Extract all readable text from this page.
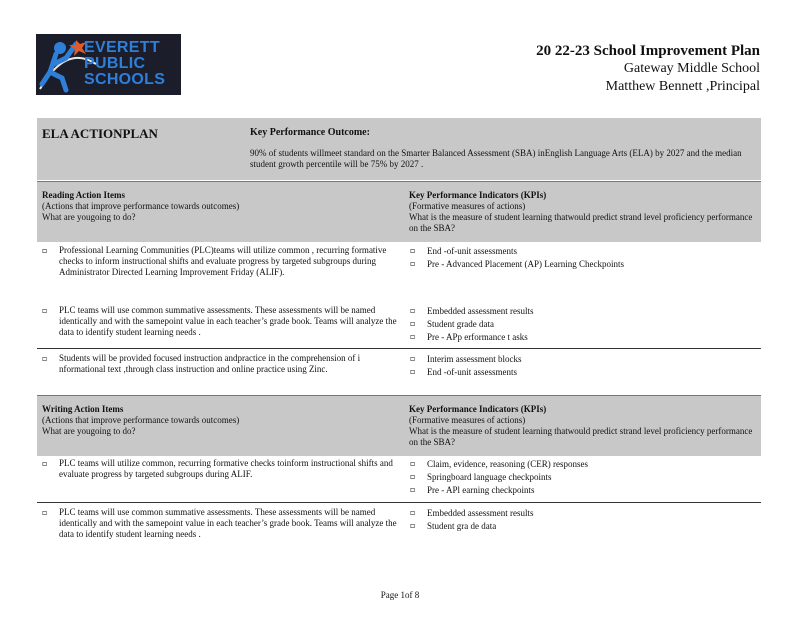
EVERETT
PUBLIC
SCHOOLS
20 22-23 School Improvement Plan
Gateway Middle School
Matthew Bennett ,Principal
ELA ACTIONPLAN	Key Performance Outcome:
90% of students willmeet standard on the Smarter Balanced Assessment (SBA) inEnglish Language Arts (ELA) by 2027 and the median student growth percentile will be 75% by 2027 .
Reading Action Items
(Actions that improve performance towards outcomes)
What are yougoing to do?
Key Performance Indicators (KPIs)
(Formative measures of actions)
What is the measure of student learning thatwould predict strand level proficiency performance on the SBA?
▫ Professional Learning Communities (PLC)teams will utilize common , recurring formative checks to inform instructional shifts and evaluate progress by targeted subgroups during Administrator Directed Learning Improvement Friday (ALIF).
▫ End -of-unit assessments
▫ Pre - Advanced Placement (AP) Learning Checkpoints
▫ PLC teams will use common summative assessments. These assessments will be named identically and with the samepoint value in each teacher’s grade book. Teams will analyze the data to identify student learning needs .
▫ Embedded assessment results
▫ Student grade data
▫ Pre - APp erformance t asks
▫ Students will be provided focused instruction andpractice in the comprehension of i nformational text ,through class instruction and online practice using Zinc.
▫ Interim assessment blocks
▫ End -of-unit assessments
Writing Action Items
(Actions that improve performance towards outcomes)
What are yougoing to do?
Key Performance Indicators (KPIs)
(Formative measures of actions)
What is the measure of student learning thatwould predict strand level proficiency performance on the SBA?
▫ PLC teams will utilize common, recurring formative checks toinform instructional shifts and evaluate progress by targeted subgroups during ALIF.
▫ Claim, evidence, reasoning (CER) responses
▫ Springboard language checkpoints
▫ Pre - APl earning checkpoints
▫ PLC teams will use common summative assessments. These assessments will be named identically and with the samepoint value in each teacher’s grade book. Teams will analyze the data to identify student learning needs .
▫ Embedded assessment results
▫ Student gra de data
Page 1of 8
